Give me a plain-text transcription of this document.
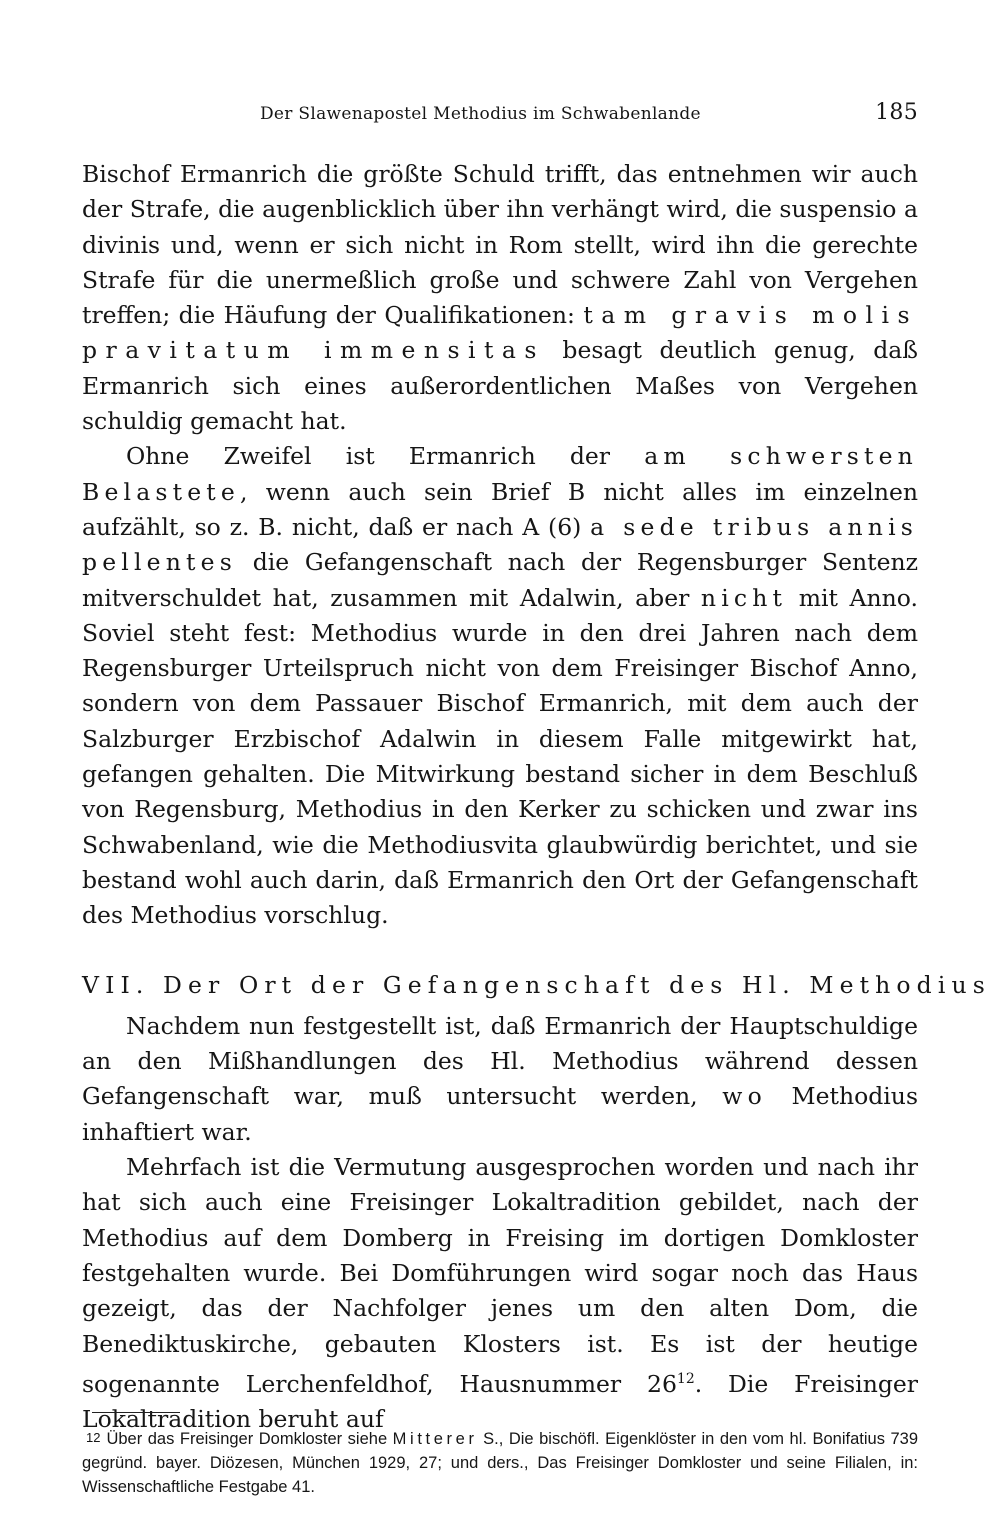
Der Slawenapostel Methodius im Schwabenlande	185

Bischof Ermanrich die größte Schuld trifft, das entnehmen wir auch der Strafe, die augenblicklich über ihn verhängt wird, die suspensio a divinis und, wenn er sich nicht in Rom stellt, wird ihn die gerechte Strafe für die unermeßlich große und schwere Zahl von Vergehen treffen; die Häufung der Qualifikationen: tam gravis molis pravitatum immensitas besagt deutlich genug, daß Ermanrich sich eines außerordentlichen Maßes von Vergehen schuldig gemacht hat.

Ohne Zweifel ist Ermanrich der am schwersten Belastete, wenn auch sein Brief B nicht alles im einzelnen aufzählt, so z. B. nicht, daß er nach A (6) a sede tribus annis pellentes die Gefangenschaft nach der Regensburger Sentenz mitverschuldet hat, zusammen mit Adalwin, aber nicht mit Anno. Soviel steht fest: Methodius wurde in den drei Jahren nach dem Regensburger Urteilspruch nicht von dem Freisinger Bischof Anno, sondern von dem Passauer Bischof Ermanrich, mit dem auch der Salzburger Erzbischof Adalwin in diesem Falle mitgewirkt hat, gefangen gehalten. Die Mitwirkung bestand sicher in dem Beschluß von Regensburg, Methodius in den Kerker zu schicken und zwar ins Schwabenland, wie die Methodiusvita glaubwürdig berichtet, und sie bestand wohl auch darin, daß Ermanrich den Ort der Gefangenschaft des Methodius vorschlug.

VII. Der Ort der Gefangenschaft des Hl. Methodius

Nachdem nun festgestellt ist, daß Ermanrich der Hauptschuldige an den Mißhandlungen des Hl. Methodius während dessen Gefangenschaft war, muß untersucht werden, wo Methodius inhaftiert war.

Mehrfach ist die Vermutung ausgesprochen worden und nach ihr hat sich auch eine Freisinger Lokaltradition gebildet, nach der Methodius auf dem Domberg in Freising im dortigen Domkloster festgehalten wurde. Bei Domführungen wird sogar noch das Haus gezeigt, das der Nachfolger jenes um den alten Dom, die Benediktuskirche, gebauten Klosters ist. Es ist der heutige sogenannte Lerchenfeldhof, Hausnummer $26^{12}$. Die Freisinger Lokaltradition beruht auf

12 Über das Freisinger Domkloster siehe Mitterer S., Die bischöfl. Eigenklöster in den vom hl. Bonifatius 739 gegründ. bayer. Diözesen, München 1929, 27; und ders., Das Freisinger Domkloster und seine Filialen, in: Wissenschaftliche Festgabe 41.
